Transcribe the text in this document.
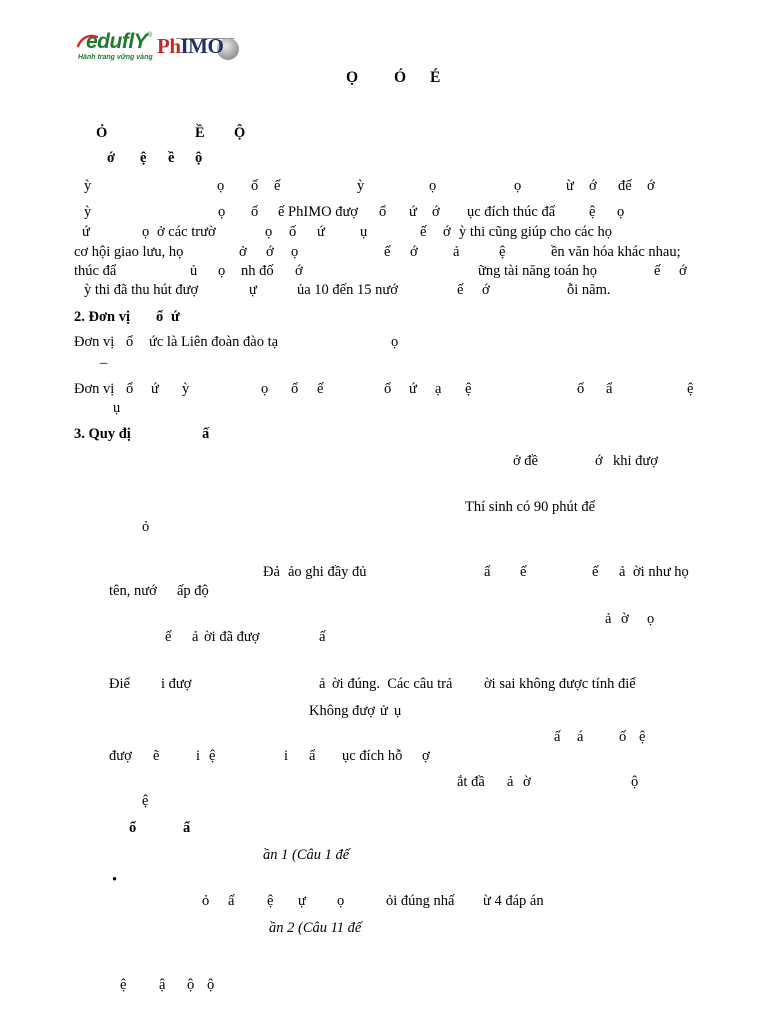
eduflY ®
Hành trang vững vàng PhIMO
Ọ Ó É
Ỏ	Ề Ộ
ớ ệ ề ộ
ỳ	ọ ố ế	ỳ	ọ	ọ	ừ ớ đế ớ
ỳ	ọ ố ế PhIMO đượ ổ ứ ớ ục đích thúc đẩ ệ ọ
ứ	ọ ở các trườ	ọ ố ứ ụ	ế ớ ỳ thi cũng giúp cho các họ
cơ hội giao lưu, họ	ở ớ ọ	ế ớ ả	ệ	ền văn hóa khác nhau;
thúc đẩ	ủ ọ nh đố ớ	ững tài năng toán họ	ế ớ
ỳ thi đã thu hút đượ	ự	ủa 10 đến 15 nướ	ế ớ	ỗi năm.
2. Đơn vị ổ ứ
Đơn vị ổ ức là Liên đoàn đào tạ	ọ
–
Đơn vị ổ ứ ỳ	ọ ố ế	ổ ứ ạ ệ	ổ ẩ	ệ
ụ
3. Quy đị	ấ
ở đề	ớ khi đượ
Thí sinh có 90 phút để
ỏ
Đả ảo ghi đầy đủ	ẩ ế	ế ả ời như họ
tên, nướ ấp độ
ả ờ ọ
ế ả ời đã đượ	ấ
Điể i đượ	ả ời đúng.  Các câu trả ời sai không được tính điể
Không đượ ử ụ
ấ á ố ệ
đượ ẽ	i ệ	i ẩ ục đích hỗ ợ
ắt đầ ả ờ	ộ
ệ
ổ	ẩ
ần 1 (Câu 1 đế
•
ỏ ấ ệ ự ọ	ỏi đúng nhấ ừ 4 đáp án
ần 2 (Câu 11 đế
ệ ậ ộ ộ
